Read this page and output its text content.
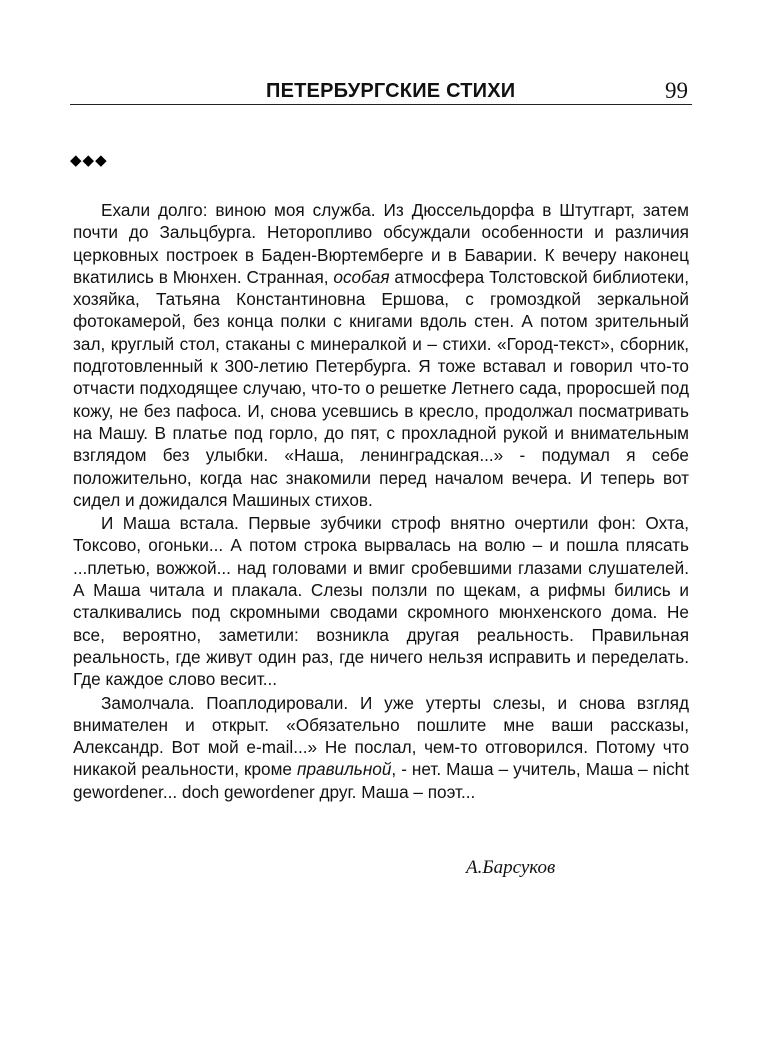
ПЕТЕРБУРГСКИЕ СТИХИ	99
◆◆◆

Ехали долго: виною моя служба. Из Дюссельдорфа в Штутгарт, затем почти до Зальцбурга. Неторопливо обсуждали особенности и различия церковных построек в Баден-Вюртемберге и в Баварии. К вечеру наконец вкатились в Мюнхен. Странная, особая атмосфера Толстовской библиотеки, хозяйка, Татьяна Константиновна Ершова, с громоздкой зеркальной фотокамерой, без конца полки с книгами вдоль стен. А потом зрительный зал, круглый стол, стаканы с минералкой и – стихи. «Город-текст», сборник, подготовленный к 300-летию Петербурга. Я тоже вставал и говорил что-то отчасти подходящее случаю, что-то о решетке Летнего сада, проросшей под кожу, не без пафоса. И, снова усевшись в кресло, продолжал посматривать на Машу. В платье под горло, до пят, с прохладной рукой и внимательным взглядом без улыбки. «Наша, ленинградская...» - подумал я себе положительно, когда нас знакомили перед началом вечера. И теперь вот сидел и дожидался Машиных стихов.

И Маша встала. Первые зубчики строф внятно очертили фон: Охта, Токсово, огоньки... А потом строка вырвалась на волю – и пошла плясать ...плетью, вожжой... над головами и вмиг сробевшими глазами слушателей. А Маша читала и плакала. Слезы ползли по щекам, а рифмы бились и сталкивались под скромными сводами скромного мюнхенского дома. Не все, вероятно, заметили: возникла другая реальность. Правильная реальность, где живут один раз, где ничего нельзя исправить и переделать. Где каждое слово весит...

Замолчала. Поаплодировали. И уже утерты слезы, и снова взгляд внимателен и открыт. «Обязательно пошлите мне ваши рассказы, Александр. Вот мой e-mail...» Не послал, чем-то отговорился. Потому что никакой реальности, кроме правильной, - нет. Маша – учитель, Маша – nicht gewordener... doch gewordener друг. Маша – поэт...

А.Барсуков
